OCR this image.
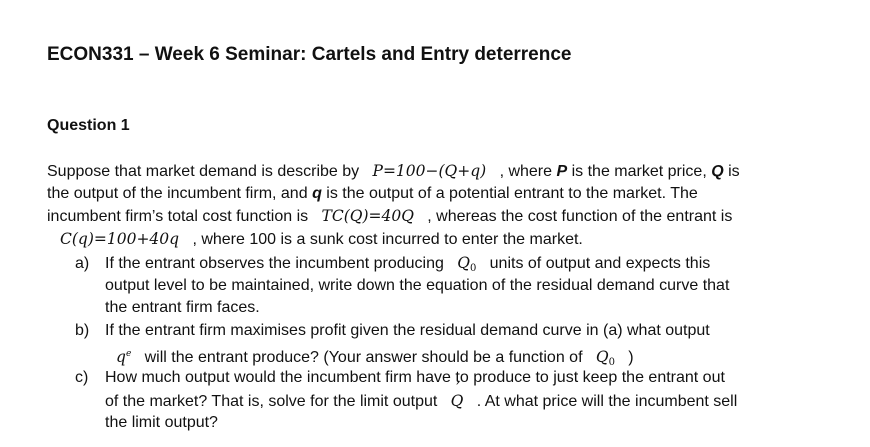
ECON331 – Week 6 Seminar: Cartels and Entry deterrence
Question 1
Suppose that market demand is describe by P=100−(Q+q) , where P is the market price, Q is
the output of the incumbent firm, and q is the output of a potential entrant to the market. The
incumbent firm’s total cost function is TC(Q)=40Q , whereas the cost function of the entrant is
C(q)=100+40q , where 100 is a sunk cost incurred to enter the market.
a) If the entrant observes the incumbent producing $Q_0$ units of output and expects this
output level to be maintained, write down the equation of the residual demand curve that
the entrant firm faces.
b) If the entrant firm maximises profit given the residual demand curve in (a) what output
$q^e$ will the entrant produce? (Your answer should be a function of $Q_0$ )
c) How much output would the incumbent firm have to produce to just keep the entrant out
of the market? That is, solve for the limit output   ´ Q . At what price will the incumbent sell
the limit output?
